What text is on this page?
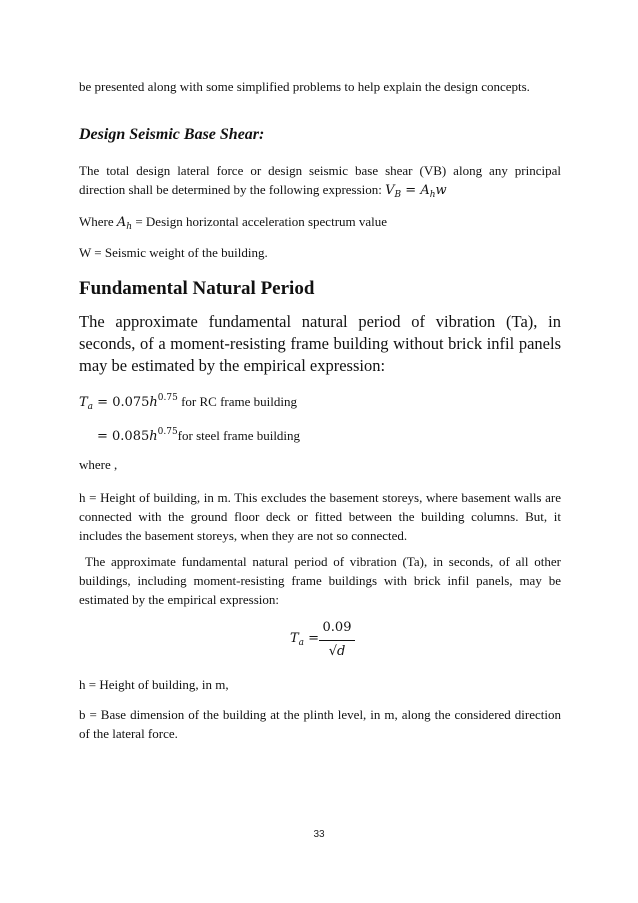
be presented along with some simplified problems to help explain the design concepts.
Design Seismic Base Shear:
The total design lateral force or design seismic base shear (VB) along any principal direction shall be determined by the following expression: $V_B = A_hw$
Where $A_h$ = Design horizontal acceleration spectrum value
W = Seismic weight of the building.
Fundamental Natural Period
The approximate fundamental natural period of vibration (Ta), in seconds, of a moment-resisting frame building without brick infil panels may be estimated by the empirical expression:
$T_a = 0.075h^{0.75}$ for RC frame building
= $0.085h^{0.75}for$ steel frame building
where ,
h = Height of building, in m. This excludes the basement storeys, where basement walls are connected with the ground floor deck or fitted between the building columns. But, it includes the basement storeys, when they are not so connected.
The approximate fundamental natural period of vibration (Ta), in seconds, of all other buildings, including moment-resisting frame buildings with brick infil panels, may be estimated by the empirical expression:
$T_a$ =
0.09
√d
h = Height of building, in m,
b = Base dimension of the building at the plinth level, in m, along the considered direction of the lateral force.
33
